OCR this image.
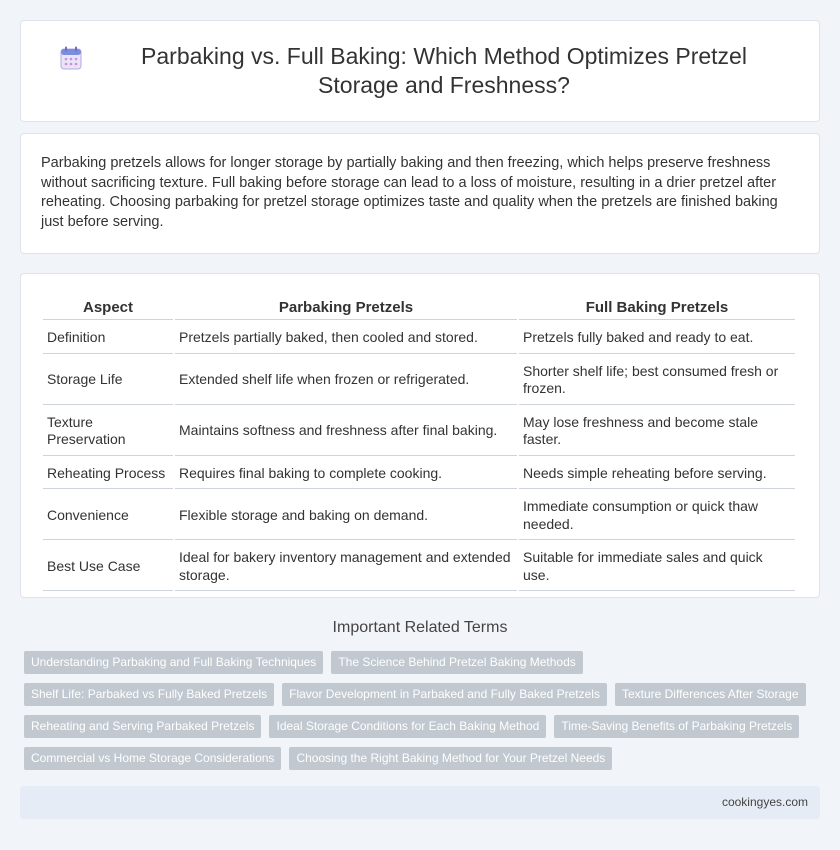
Parbaking vs. Full Baking: Which Method Optimizes Pretzel Storage and Freshness?

Parbaking pretzels allows for longer storage by partially baking and then freezing, which helps preserve freshness without sacrificing texture. Full baking before storage can lead to a loss of moisture, resulting in a drier pretzel after reheating. Choosing parbaking for pretzel storage optimizes taste and quality when the pretzels are finished baking just before serving.

Aspect	Parbaking Pretzels	Full Baking Pretzels
Definition	Pretzels partially baked, then cooled and stored.	Pretzels fully baked and ready to eat.
Storage Life	Extended shelf life when frozen or refrigerated.	Shorter shelf life; best consumed fresh or frozen.
Texture Preservation	Maintains softness and freshness after final baking.	May lose freshness and become stale faster.
Reheating Process	Requires final baking to complete cooking.	Needs simple reheating before serving.
Convenience	Flexible storage and baking on demand.	Immediate consumption or quick thaw needed.
Best Use Case	Ideal for bakery inventory management and extended storage.	Suitable for immediate sales and quick use.
Important Related Terms
Understanding Parbaking and Full Baking Techniques	The Science Behind Pretzel Baking Methods
Shelf Life: Parbaked vs Fully Baked Pretzels	Flavor Development in Parbaked and Fully Baked Pretzels	Texture Differences After Storage
Reheating and Serving Parbaked Pretzels	Ideal Storage Conditions for Each Baking Method	Time-Saving Benefits of Parbaking Pretzels
Commercial vs Home Storage Considerations	Choosing the Right Baking Method for Your Pretzel Needs
cookingyes.com
